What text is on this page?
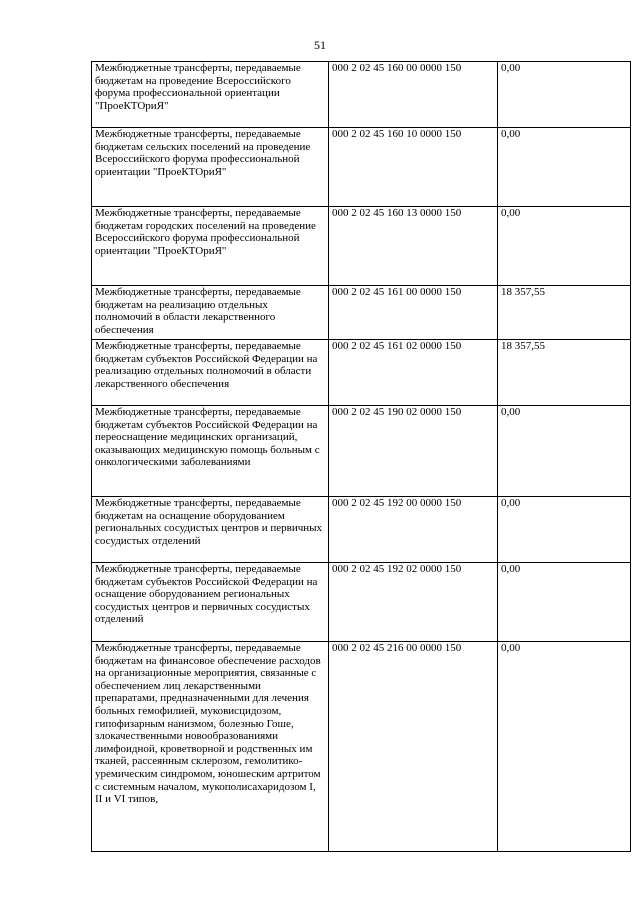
51
Межбюджетные трансферты, передаваемые бюджетам на проведение Всероссийского форума профессиональной ориентации "ПроеКТОриЯ"	000 2 02 45 160 00 0000 150	0,00
Межбюджетные трансферты, передаваемые бюджетам сельских поселений на проведение Всероссийского форума профессиональной ориентации "ПроеКТОриЯ"	000 2 02 45 160 10 0000 150	0,00
Межбюджетные трансферты, передаваемые бюджетам городских поселений на проведение Всероссийского форума профессиональной ориентации "ПроеКТОриЯ"	000 2 02 45 160 13 0000 150	0,00
Межбюджетные трансферты, передаваемые бюджетам на реализацию отдельных полномочий в области лекарственного обеспечения	000 2 02 45 161 00 0000 150	18 357,55
Межбюджетные трансферты, передаваемые бюджетам субъектов Российской Федерации на реализацию отдельных полномочий в области лекарственного обеспечения	000 2 02 45 161 02 0000 150	18 357,55
Межбюджетные трансферты, передаваемые бюджетам субъектов Российской Федерации на переоснащение медицинских организаций, оказывающих медицинскую помощь больным с онкологическими заболеваниями	000 2 02 45 190 02 0000 150	0,00
Межбюджетные трансферты, передаваемые бюджетам на оснащение оборудованием региональных сосудистых центров и первичных сосудистых отделений	000 2 02 45 192 00 0000 150	0,00
Межбюджетные трансферты, передаваемые бюджетам субъектов Российской Федерации на оснащение оборудованием региональных сосудистых центров и первичных сосудистых отделений	000 2 02 45 192 02 0000 150	0,00
Межбюджетные трансферты, передаваемые бюджетам на финансовое обеспечение расходов на организационные мероприятия, связанные с обеспечением лиц лекарственными препаратами, предназначенными для лечения больных гемофилией, муковисцидозом, гипофизарным нанизмом, болезнью Гоше, злокачественными новообразованиями лимфоидной, кроветворной и родственных им тканей, рассеянным склерозом, гемолитико-уремическим синдромом, юношеским артритом с системным началом, мукополисахаридозом I, II и VI типов,	000 2 02 45 216 00 0000 150	0,00
